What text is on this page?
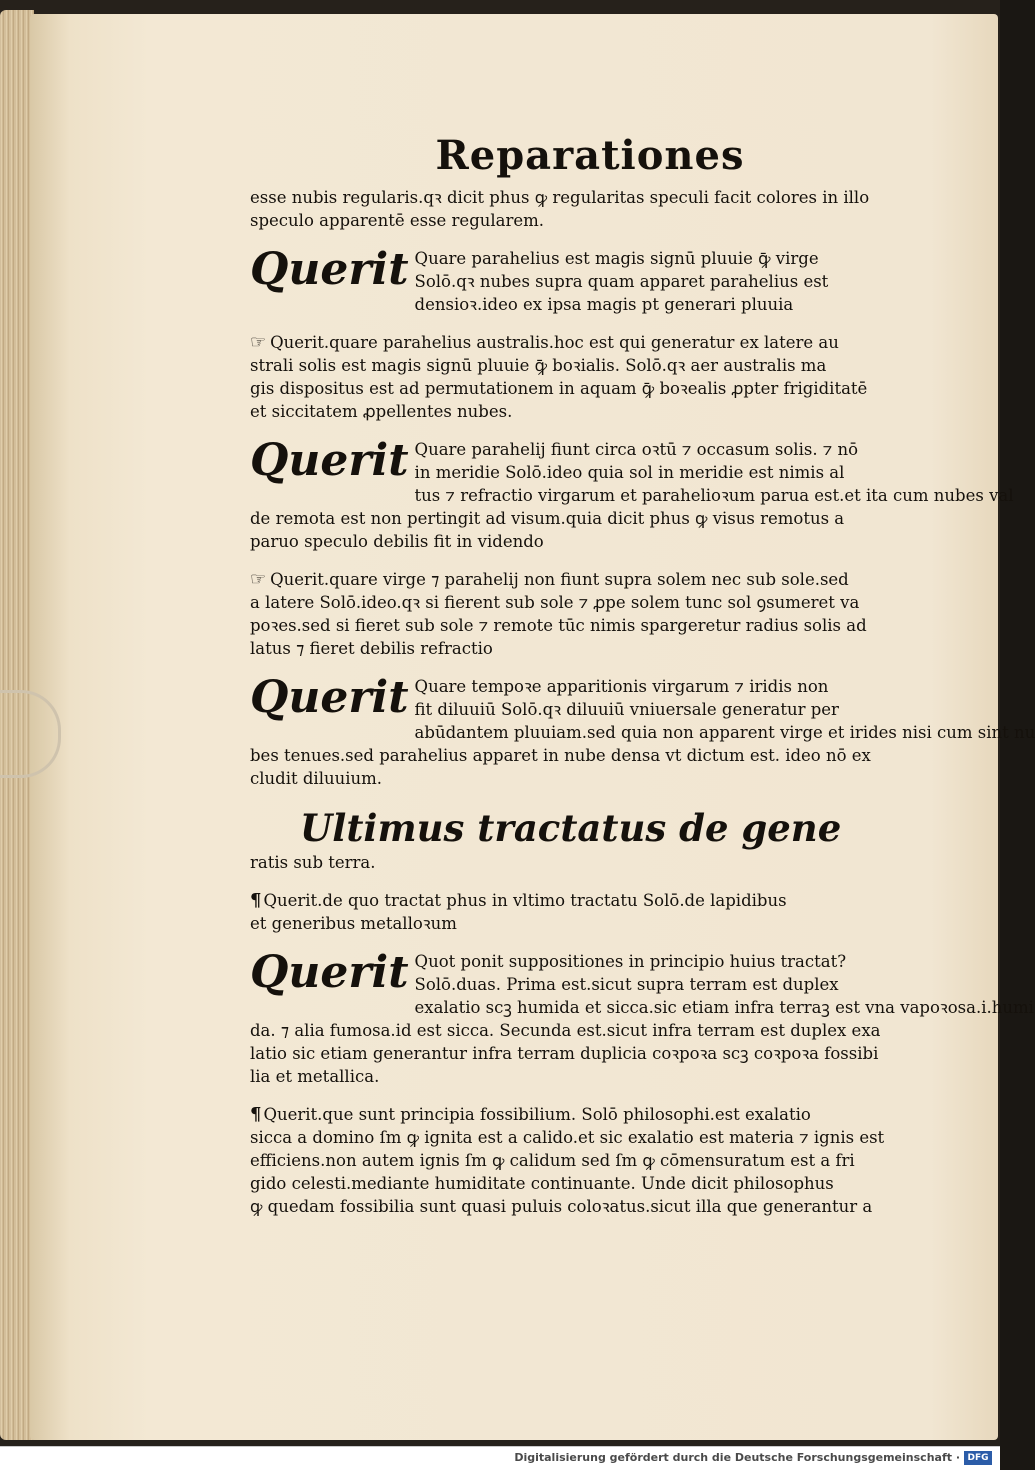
Reparationes
esse nubis regularis.qꝛ dicit phus ꝙ regularitas speculi facit colores in illo
speculo apparentē esse regularem.
Querit Quare parahelius est magis signū pluuie ꝙ̄ virge
Solō.qꝛ nubes supra quam apparet parahelius est
densioꝛ.ideo ex ipsa magis pt generari pluuia
☞ Querit.quare parahelius australis.hoc est qui generatur ex latere au
strali solis est magis signū pluuie ꝙ̄ boꝛialis. Solō.qꝛ aer australis ma
gis dispositus est ad permutationem in aquam ꝙ̄ boꝛealis ꝓpter frigiditatē
et siccitatem ꝓpellentes nubes.
Querit Quare parahelij fiunt circa oꝛtū ⁊ occasum solis. ⁊ nō
in meridie Solō.ideo quia sol in meridie est nimis al
tus ⁊ refractio virgarum et parahelioꝛum parua est.et ita cum nubes val
de remota est non pertingit ad visum.quia dicit phus ꝙ visus remotus a
paruo speculo debilis fit in videndo
☞ Querit.quare virge ⁊ parahelij non fiunt supra solem nec sub sole.sed
a latere Solō.ideo.qꝛ si fierent sub sole ⁊ ꝓpe solem tunc sol ꝯsumeret va
poꝛes.sed si fieret sub sole ⁊ remote tūc nimis spargeretur radius solis ad
latus ⁊ fieret debilis refractio
Querit Quare tempoꝛe apparitionis virgarum ⁊ iridis non
fit diluuiū Solō.qꝛ diluuiū vniuersale generatur per
abūdantem pluuiam.sed quia non apparent virge et irides nisi cum sint nu
bes tenues.sed parahelius apparet in nube densa vt dictum est. ideo nō ex
cludit diluuium.
Ultimus tractatus de gene
ratis sub terra.
¶ Querit.de quo tractat phus in vltimo tractatu Solō.de lapidibus
et generibus metalloꝛum
Querit Quot ponit suppositiones in principio huius tractat?
Solō.duas. Prima est.sicut supra terram est duplex
exalatio scꝫ humida et sicca.sic etiam infra terraꝫ est vna vapoꝛosa.i.humi
da. ⁊ alia fumosa.id est sicca. Secunda est.sicut infra terram est duplex exa
latio sic etiam generantur infra terram duplicia coꝛpoꝛa scꝫ coꝛpoꝛa fossibi
lia et metallica.
¶ Querit.que sunt principia fossibilium. Solō philosophi.est exalatio
sicca a domino ſm ꝙ ignita est a calido.et sic exalatio est materia ⁊ ignis est
efficiens.non autem ignis ſm ꝙ calidum sed ſm ꝙ cōmensuratum est a fri
gido celesti.mediante humiditate continuante. Unde dicit philosophus
ꝙ quedam fossibilia sunt quasi puluis coloꝛatus.sicut illa que generantur a
Digitalisierung gefördert durch die Deutsche Forschungsgemeinschaft · DFG
